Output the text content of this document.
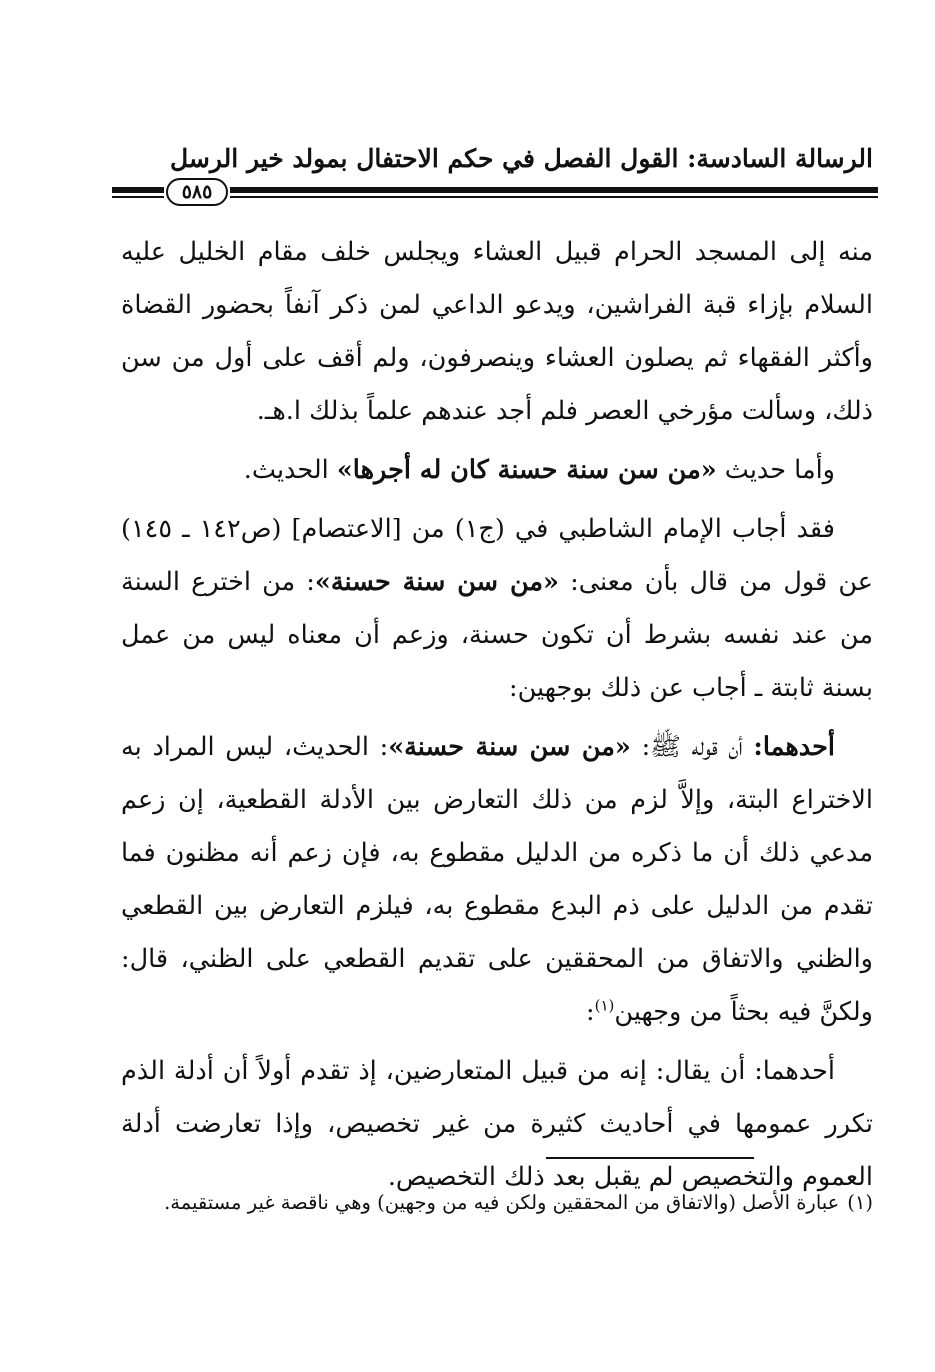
الرسالة السادسة: القول الفصل في حكم الاحتفال بمولد خير الرسل
٥٨٥

منه إلى المسجد الحرام قبيل العشاء ويجلس خلف مقام الخليل عليه السلام بإزاء قبة الفراشين، ويدعو الداعي لمن ذكر آنفاً بحضور القضاة وأكثر الفقهاء ثم يصلون العشاء وينصرفون، ولم أقف على أول من سن ذلك، وسألت مؤرخي العصر فلم أجد عندهم علماً بذلك ا.هـ.

وأما حديث «من سن سنة حسنة كان له أجرها» الحديث.

فقد أجاب الإمام الشاطبي في (ج١) من [الاعتصام] (ص١٤٢ ـ ١٤٥) عن قول من قال بأن معنى: «من سن سنة حسنة»: من اخترع السنة من عند نفسه بشرط أن تكون حسنة، وزعم أن معناه ليس من عمل بسنة ثابتة ـ أجاب عن ذلك بوجهين:

أحدهما: أن قوله ﷺ: «من سن سنة حسنة»: الحديث، ليس المراد به الاختراع البتة، وإلاَّ لزم من ذلك التعارض بين الأدلة القطعية، إن زعم مدعي ذلك أن ما ذكره من الدليل مقطوع به، فإن زعم أنه مظنون فما تقدم من الدليل على ذم البدع مقطوع به، فيلزم التعارض بين القطعي والظني والاتفاق من المحققين على تقديم القطعي على الظني، قال: ولكنَّ فيه بحثاً من وجهين$^{(١)}$:

أحدهما: أن يقال: إنه من قبيل المتعارضين، إذ تقدم أولاً أن أدلة الذم تكرر عمومها في أحاديث كثيرة من غير تخصيص، وإذا تعارضت أدلة العموم والتخصيص لم يقبل بعد ذلك التخصيص.

(١)عبارة الأصل (والاتفاق من المحققين ولكن فيه من وجهين) وهي ناقصة غير مستقيمة.
